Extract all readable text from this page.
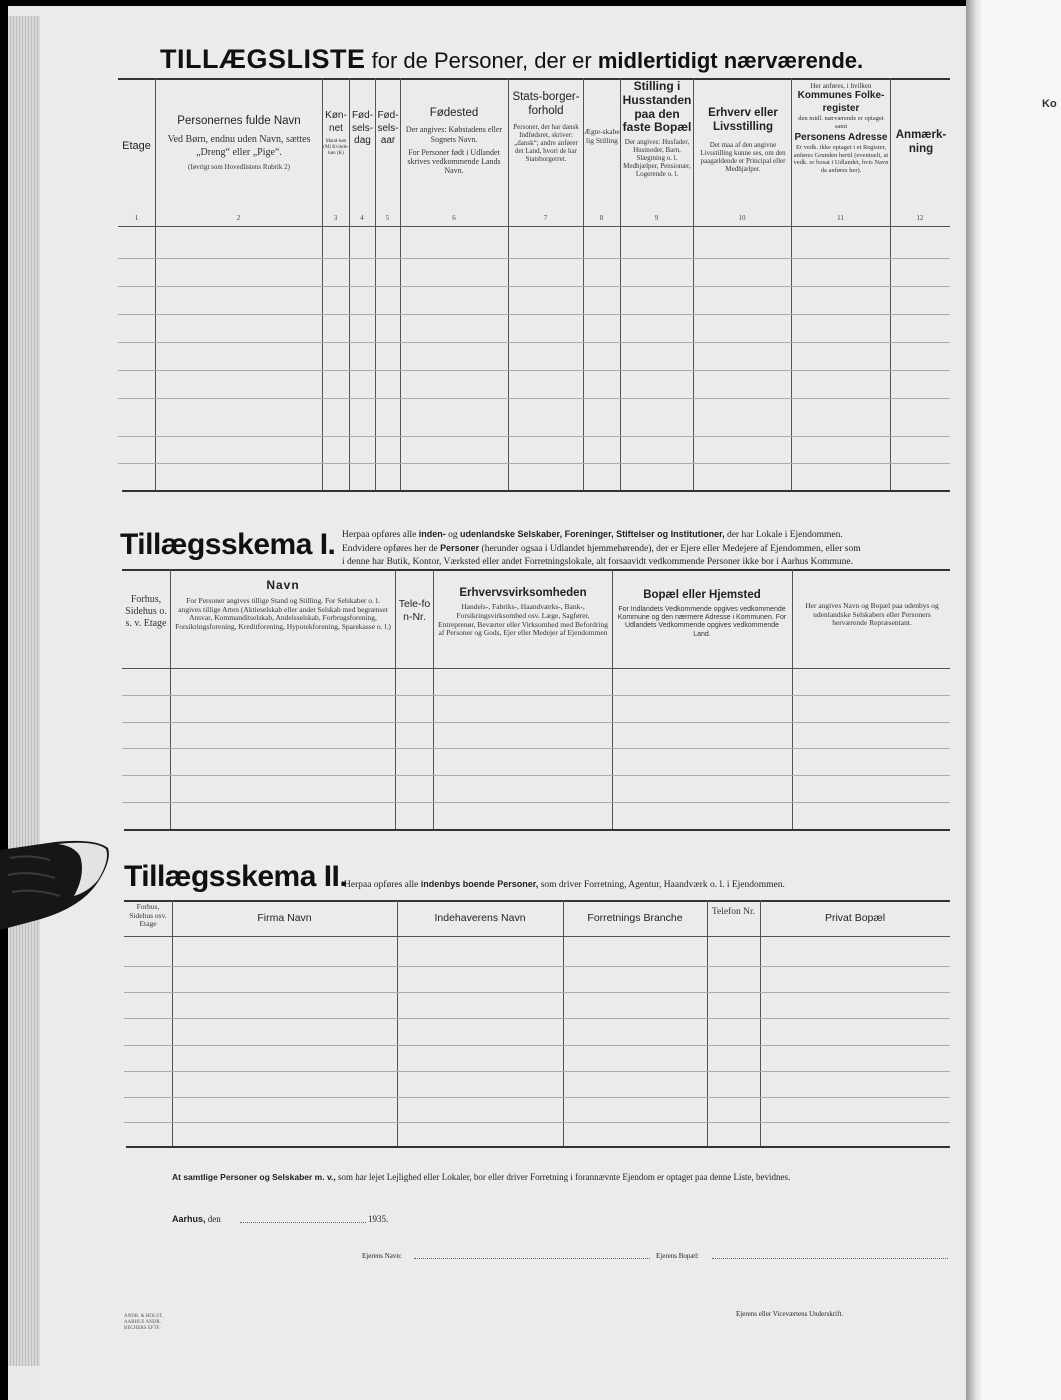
Ko
TILLÆGSLISTE for de Personer, der er midlertidigt nærværende.
Etage
Personernes fulde Navn
Ved Børn, endnu uden Navn, sættes „Dreng“ eller „Pige“.
(Iøvrigt som Hovedlistens Rubrik 2)
Køn-net
Mand-køn (M) Kvinde-køn (K)
Fød-sels-dag
Fød-sels-aar
Fødested
Der angives: Købstadens eller Sognets Navn.
For Personer født i Udlandet skrives vedkommende Lands Navn.
Stats-borger-forhold
Personer, der har dansk Indfødsret, skriver: „dansk“; andre anfører det Land, hvori de har Statsborgerret.
Ægte-skabelig Stilling
Stilling i Husstanden paa den faste Bopæl
Der angives: Husfader, Husmoder, Barn, Slægtning o. l. Medhjælper, Pensionær, Logerende o. l.
Erhverv eller Livsstilling
Det maa af den angivne Livsstilling kunne ses, om den paagældende er Principal eller Medhjælper.
Her anføres, i hvilken
Kommunes Folke-register
den midl. nærværende er optaget samt
Personens Adresse
Er vedk. ikke optaget i et Register, anføres Grunden hertil (eventuelt, at vedk. er bosat i Udlandet, hvis Navn da anføres her).
Anmærk-ning
1	2	3	4	5	6	7	8	9	10	11	12
Tillægsskema I. Herpaa opføres alle inden- og udenlandske Selskaber, Foreninger, Stiftelser og Institutioner, der har Lokale i Ejendommen.
Endvidere opføres her de Personer (herunder ogsaa i Udlandet hjemmehørende), der er Ejere eller Medejere af Ejendommen, eller som
i denne har Butik, Kontor, Værksted eller andet Forretningslokale, alt forsaavidt vedkommende Personer ikke bor i Aarhus Kommune.
Forhus, Sidehus o. s. v. Etage
Navn
For Personer angives tillige Stand og Stilling. For Selskaber o. l. angives tillige Arten (Aktieselskab eller andet Selskab med begrænset Ansvar, Kommanditselskab, Andelsselskab, Forbrugsforening, Forsikringsforening, Kreditforening, Hypotekforening, Sparekasse o. l.)
Tele-fon-Nr.
Erhvervsvirksomheden
Handels-, Fabriks-, Haandværks-, Bank-, Forsikringsvirksomhed osv. Læge, Sagfører, Entreprenør, Beværter eller Virksomhed med Befordring af Personer og Gods, Ejer eller Medejer af Ejendommen
Bopæl eller Hjemsted
For Indlandets Vedkommende opgives vedkommende Kommune og den nærmere Adresse i Kommunen. For Udlandets Vedkommende opgives vedkommende Land.
Her angives Navn og Bopæl paa udenbys og udenlandske Selskabers eller Personers herværende Repræsentant.
Tillægsskema II.
Herpaa opføres alle indenbys boende Personer, som driver Forretning, Agentur, Haandværk o. l. i Ejendommen.
Forhus, Sidehus osv. Etage	Firma Navn	Indehaverens Navn	Forretnings Branche	Telefon Nr.	Privat Bopæl
At samtlige Personer og Selskaber m. v., som har lejet Lejlighed eller Lokaler, bor eller driver Forretning i forannævnte Ejendom er optaget paa denne Liste, bevidnes.
Aarhus, den	1935.
Ejerens Navn:	Ejerens Bopæl:
Ejerens eller Viceværtens Underskrift.
ANDR. & HOLST, AARHUS ANDR. BECHERS EFTF.
